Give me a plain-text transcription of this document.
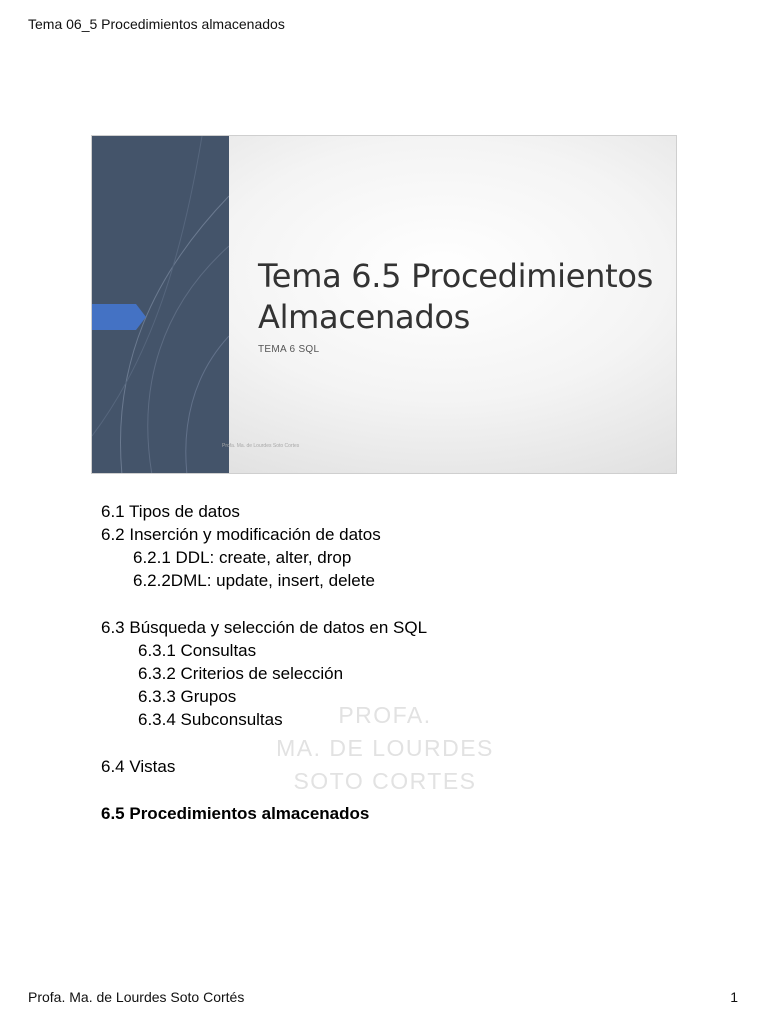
Tema 06_5 Procedimientos almacenados
Tema 6.5 Procedimientos
Almacenados
TEMA 6 SQL
Profa. Ma. de Lourdes Soto Cortes
6.1 Tipos de datos
6.2 Inserción y modificación de datos
6.2.1 DDL: create, alter, drop
6.2.2DML: update, insert, delete
6.3 Búsqueda y selección de datos en SQL
6.3.1 Consultas
6.3.2 Criterios de selección
6.3.3 Grupos
6.3.4 Subconsultas
6.4 Vistas
6.5 Procedimientos almacenados
PROFA.
MA. DE LOURDES
SOTO CORTES
Profa. Ma. de Lourdes Soto Cortés	1
